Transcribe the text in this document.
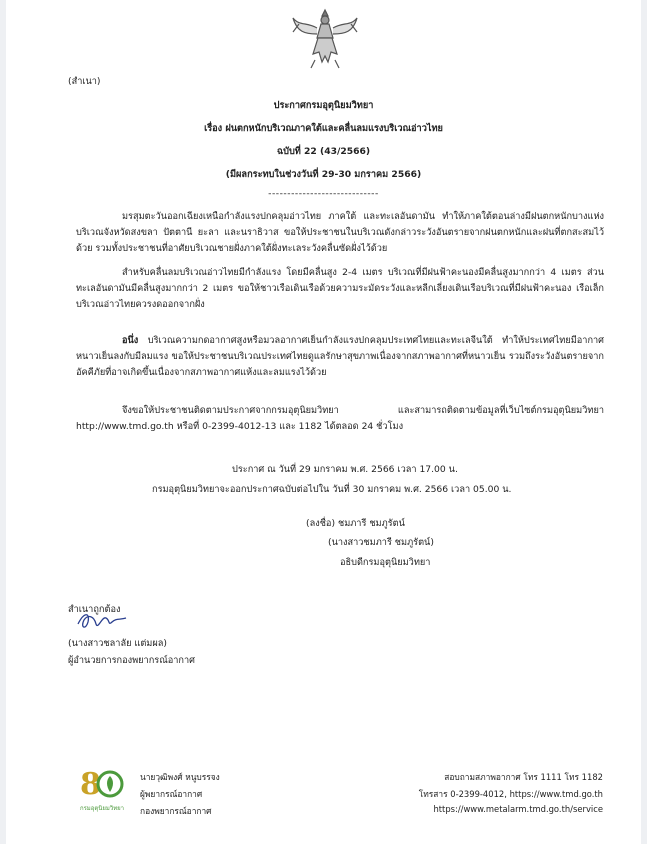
(สำเนา)
ประกาศกรมอุตุนิยมวิทยา
เรื่อง ฝนตกหนักบริเวณภาคใต้และคลื่นลมแรงบริเวณอ่าวไทย
ฉบับที่ 22 (43/2566)
(มีผลกระทบในช่วงวันที่ 29-30 มกราคม 2566)
-----------------------------
มรสุมตะวันออกเฉียงเหนือกำลังแรงปกคลุมอ่าวไทย ภาคใต้ และทะเลอันดามัน ทำให้ภาคใต้ตอนล่างมีฝนตกหนักบางแห่งบริเวณจังหวัดสงขลา ปัตตานี ยะลา และนราธิวาส ขอให้ประชาชนในบริเวณดังกล่าวระวังอันตรายจากฝนตกหนักและฝนที่ตกสะสมไว้ด้วย รวมทั้งประชาชนที่อาศัยบริเวณชายฝั่งภาคใต้ฝั่งทะเลระวังคลื่นซัดฝั่งไว้ด้วย
สำหรับคลื่นลมบริเวณอ่าวไทยมีกำลังแรง โดยมีคลื่นสูง 2-4 เมตร บริเวณที่มีฝนฟ้าคะนองมีคลื่นสูงมากกว่า 4 เมตร ส่วนทะเลอันดามันมีคลื่นสูงมากกว่า 2 เมตร ขอให้ชาวเรือเดินเรือด้วยความระมัดระวังและหลีกเลี่ยงเดินเรือบริเวณที่มีฝนฟ้าคะนอง เรือเล็กบริเวณอ่าวไทยควรงดออกจากฝั่ง
อนึ่ง บริเวณความกดอากาศสูงหรือมวลอากาศเย็นกำลังแรงปกคลุมประเทศไทยและทะเลจีนใต้ ทำให้ประเทศไทยมีอากาศหนาวเย็นลงกับมีลมแรง ขอให้ประชาชนบริเวณประเทศไทยดูแลรักษาสุขภาพเนื่องจากสภาพอากาศที่หนาวเย็น รวมถึงระวังอันตรายจากอัคคีภัยที่อาจเกิดขึ้นเนื่องจากสภาพอากาศแห้งและลมแรงไว้ด้วย
จึงขอให้ประชาชนติดตามประกาศจากกรมอุตุนิยมวิทยา และสามารถติดตามข้อมูลที่เว็บไซต์กรมอุตุนิยมวิทยา http://www.tmd.go.th หรือที่ 0-2399-4012-13 และ 1182 ได้ตลอด 24 ชั่วโมง
ประกาศ ณ วันที่ 29 มกราคม พ.ศ. 2566 เวลา 17.00 น.
กรมอุตุนิยมวิทยาจะออกประกาศฉบับต่อไปใน วันที่ 30 มกราคม พ.ศ. 2566 เวลา 05.00 น.
(ลงชื่อ) ชมภารี ชมภูรัตน์
(นางสาวชมภารี ชมภูรัตน์)
อธิบดีกรมอุตุนิยมวิทยา
สำเนาถูกต้อง
(นางสาวชลาลัย แต่มผล)
ผู้อำนวยการกองพยากรณ์อากาศ
8
กรมอุตุนิยมวิทยา
นายวุฒิพงศ์ หนูบรรจง
ผู้พยากรณ์อากาศ
กองพยากรณ์อากาศ
สอบถามสภาพอากาศ โทร 1111 โทร 1182
โทรสาร 0-2399-4012, https://www.tmd.go.th
https://www.metalarm.tmd.go.th/service
